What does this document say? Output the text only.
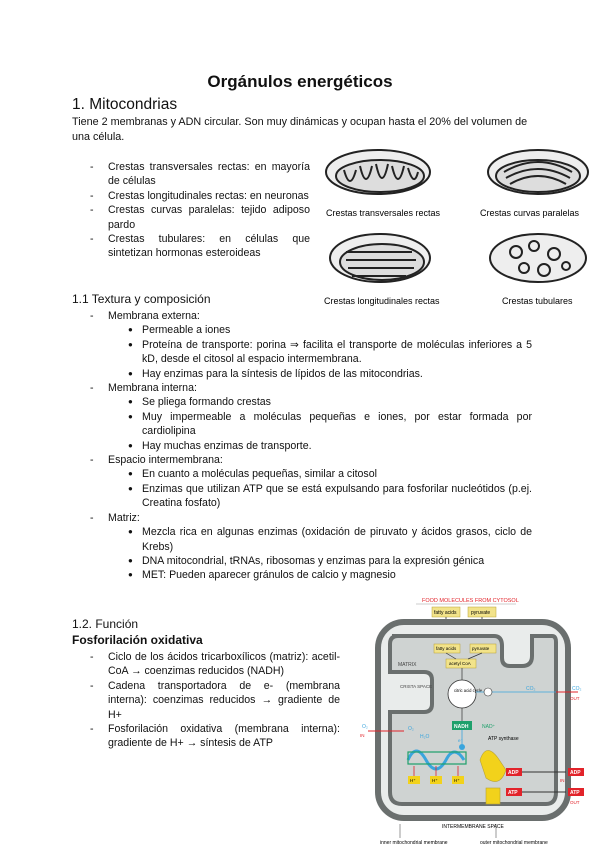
Orgánulos energéticos
1. Mitocondrias
Tiene 2 membranas y ADN circular. Son muy dinámicas y ocupan hasta el 20% del volumen de una célula.
- Crestas transversales rectas: en mayoría de células
- Crestas longitudinales rectas: en neuronas
- Crestas curvas paralelas: tejido adiposo pardo
- Crestas tubulares: en células que sintetizan hormonas esteroideas
Crestas transversales rectas	Crestas curvas paralelas
Crestas longitudinales rectas	Crestas tubulares
1.1 Textura y composición
- Membrana externa:
● Permeable a iones
● Proteína de transporte: porina ⇒ facilita el transporte de moléculas inferiores a 5 kD, desde el citosol al espacio intermembrana.
● Hay enzimas para la síntesis de lípidos de las mitocondrias.
- Membrana interna:
● Se pliega formando crestas
● Muy impermeable a moléculas pequeñas e iones, por estar formada por cardiolipina
● Hay muchas enzimas de transporte.
- Espacio intermembrana:
● En cuanto a moléculas pequeñas, similar a citosol
● Enzimas que utilizan ATP que se está expulsando para fosforilar nucleótidos (p.ej. Creatina fosfato)
- Matriz:
● Mezcla rica en algunas enzimas (oxidación de piruvato y ácidos grasos, ciclo de Krebs)
● DNA mitocondrial, tRNAs, ribosomas y enzimas para la expresión génica
● MET: Pueden aparecer gránulos de calcio y magnesio
1.2. Función
Fosforilación oxidativa
- Ciclo de los ácidos tricarboxílicos (matriz): acetil-CoA → coenzimas reducidos (NADH)
- Cadena transportadora de e- (membrana interna): coenzimas reducidos → gradiente de H+
- Fosforilación oxidativa (membrana interna): gradiente de H+ → síntesis de ATP
FOOD MOLECULES FROM CYTOSOL
fatty acids	pyruvate
MATRIX
CRISTA SPACE
fatty acids	pyruvate
acetyl CoA
citric acid cycle	CO₂	CO₂
OUT
NADH	NAD⁺
e⁻
O₂
IN
O₂
H₂O
H⁺	H⁺	H⁺
ATP synthase
ADP
ATP
ADP
IN
ATP
OUT
INTERMEMBRANE SPACE
inner mitochondrial membrane	outer mitochondrial membrane
